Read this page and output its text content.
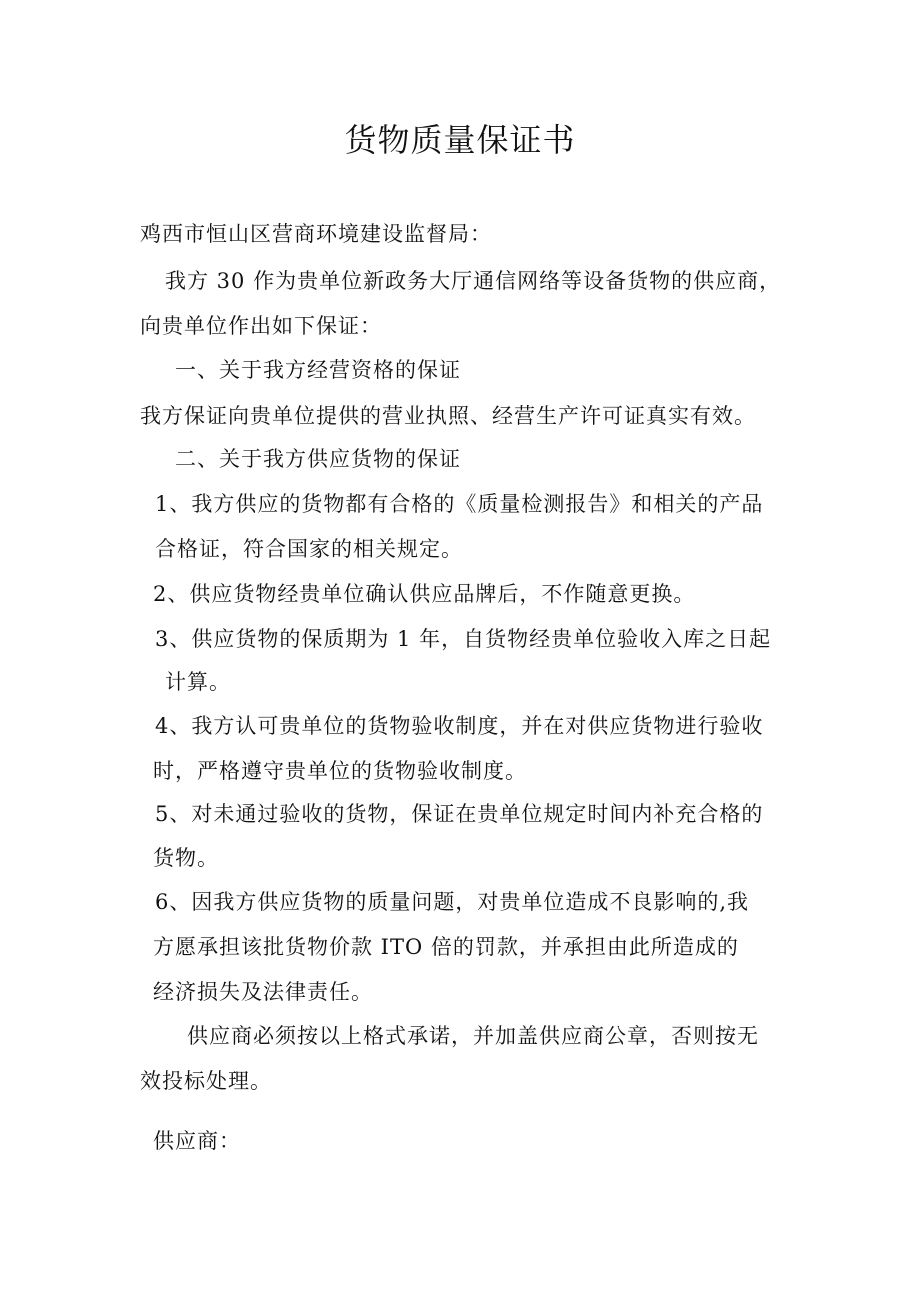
货物质量保证书
鸡西市恒山区营商环境建设监督局：
我方 30 作为贵单位新政务大厅通信网络等设备货物的供应商，
向贵单位作出如下保证：
一、关于我方经营资格的保证
我方保证向贵单位提供的营业执照、经营生产许可证真实有效。
二、关于我方供应货物的保证
1、我方供应的货物都有合格的《质量检测报告》和相关的产品
合格证，符合国家的相关规定。
2、供应货物经贵单位确认供应品牌后，不作随意更换。
3、供应货物的保质期为 1 年，自货物经贵单位验收入库之日起
计算。
4、我方认可贵单位的货物验收制度，并在对供应货物进行验收
时，严格遵守贵单位的货物验收制度。
5、对未通过验收的货物，保证在贵单位规定时间内补充合格的
货物。
6、因我方供应货物的质量问题，对贵单位造成不良影响的,我
方愿承担该批货物价款 ITO 倍的罚款，并承担由此所造成的
经济损失及法律责任。
供应商必须按以上格式承诺，并加盖供应商公章，否则按无
效投标处理。
供应商：
